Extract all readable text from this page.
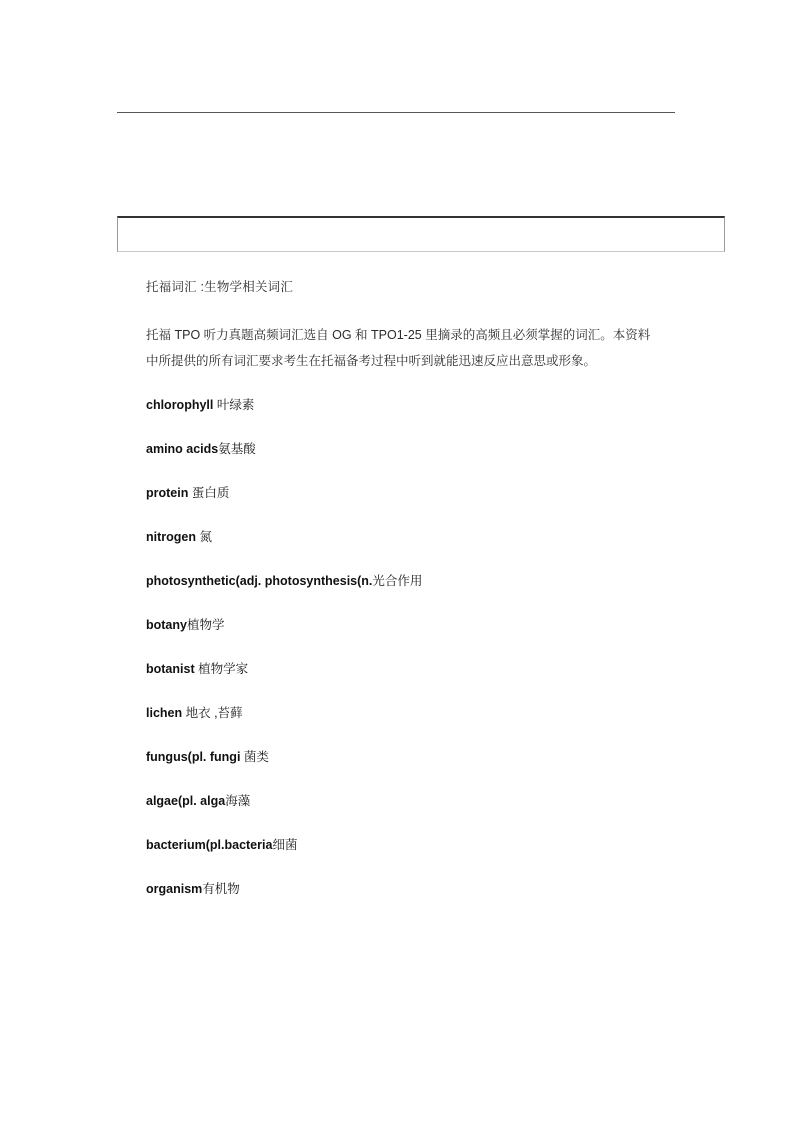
托福词汇 :生物学相关词汇

托福 TPO 听力真题高频词汇选自 OG 和 TPO1-25 里摘录的高频且必须掌握的词汇。本资料中所提供的所有词汇要求考生在托福备考过程中听到就能迅速反应出意思或形象。

chlorophyll 叶绿素
amino acids氨基酸
protein 蛋白质
nitrogen 氮
photosynthetic(adj. photosynthesis(n.光合作用
botany植物学
botanist 植物学家
lichen 地衣 ,苔藓
fungus(pl. fungi 菌类
algae(pl. alga海藻
bacterium(pl.bacteria细菌
organism有机物
